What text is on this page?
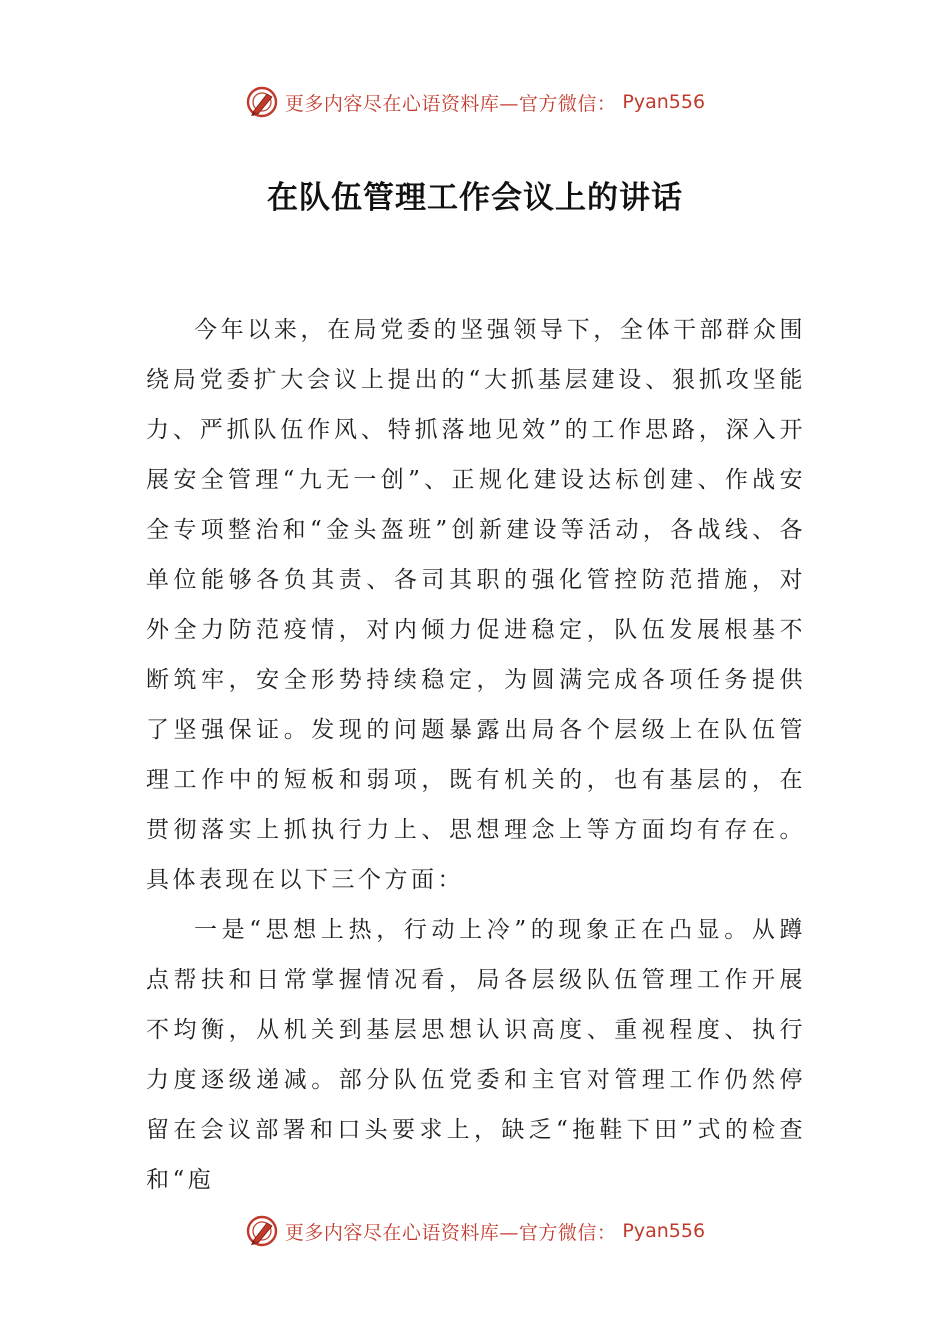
更多内容尽在心语资料库—官方微信： Pyan556
在队伍管理工作会议上的讲话

今年以来，在局党委的坚强领导下，全体干部群众围绕局党委扩大会议上提出的“大抓基层建设、狠抓攻坚能力、严抓队伍作风、特抓落地见效”的工作思路，深入开展安全管理“九无一创”、正规化建设达标创建、作战安全专项整治和“金头盔班”创新建设等活动，各战线、各单位能够各负其责、各司其职的强化管控防范措施，对外全力防范疫情，对内倾力促进稳定，队伍发展根基不断筑牢，安全形势持续稳定，为圆满完成各项任务提供了坚强保证。发现的问题暴露出局各个层级上在队伍管理工作中的短板和弱项，既有机关的，也有基层的，在贯彻落实上抓执行力上、思想理念上等方面均有存在。具体表现在以下三个方面：

一是“思想上热，行动上冷”的现象正在凸显。从蹲点帮扶和日常掌握情况看，局各层级队伍管理工作开展不均衡，从机关到基层思想认识高度、重视程度、执行力度逐级递减。部分队伍党委和主官对管理工作仍然停留在会议部署和口头要求上，缺乏“拖鞋下田”式的检查和“庖

更多内容尽在心语资料库—官方微信： Pyan556
